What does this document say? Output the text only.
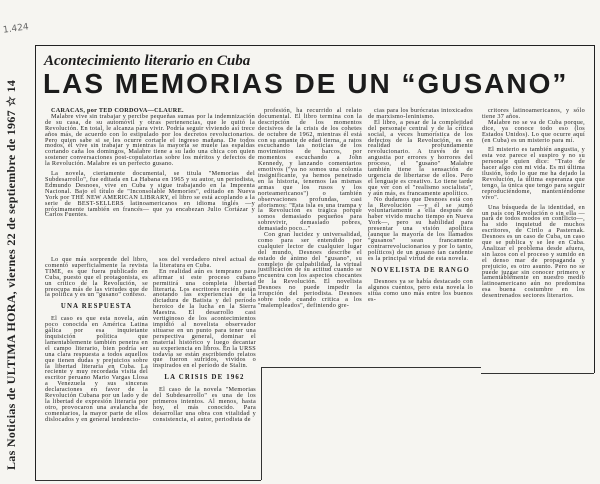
1.424
Las Noticias de ULTIMA HORA, viernes 22 de septiembre de 1967 ☆ 14
Acontecimiento literario en Cuba
LAS MEMORIAS DE UN “GUSANO”

CARACAS, por TED CORDOVA—CLAURE.

Malabre vive sin trabajar y percibe pequeñas sumas por la indemnización de su casa, de su automóvil y otras pertenencias, que le quitó la Revolución. En total, le alcanza para vivir. Podría seguir viviendo así trece años más, de acuerdo con lo estipulado por los decretos revolucionarios. Pero quien sabe si se les ocurre cortarle el ingreso mañana. De todos modos, él vive sin trabajar y mientras la mayoría se muele las espaldas cortando caña los domingos, Malabre tiene a su lado una chica con quien sostener conversaciones post-copulatorias sobre los méritos y defectos de la Revolución. Malabre es un perfecto gusano.

La novela, ciertamente documental, se titula "Memorias del Subdesarrollo", fue editada en La Habana en 1965 y su autor, un periodista, Edmundo Desnoes, vive en Cuba y sigue trabajando en la Imprenta Nacional. Bajo el título de "Inconsolable Memories", editado en Nueva York por THE NEW AMERICAN LIBRARY, el libro se está acoplando a la serie de BEST-SELLERS latinoamericanos en idioma inglés —y próximamente también en francés— que ya encabezan Julio Cortázar y Carlos Fuentes.

Lo que más sorprende del libro, comentó superficialmente la revista TIME, es que fuera publicado en Cuba, puesto que el protagonista, es un crítico de la Revolución, se preocupa más de las virtudes que de la política y es un "gusano" confeso.

UNA RESPUESTA

El caso es que esta novela, aún poco conocida en América Latina gálica por esa inquietante inquisición política que lamentablemente también penetra en el campo literario, bien podría ser una clara respuesta a todos aquellos que tienen dudas y prejuicios sobre la libertad literaria en Cuba. La reciente y muy recordada visita del escritor peruano Mario Vargas Llosa a Venezuela y sus sinceras declaraciones en favor de la Revolución Cubana por un lado y de la libertad de expresión literaria por otro, provocaron una avalancha de comentarios, la mayor parte de ellos dislocados y en general tendencio-

sos del verdadero nivel actual de la literatura en Cuba.

En realidad aún es temprano para afirmar si este proceso cubano permitirá una completa libertad literaria. Los escritores recién están anotando las experiencias de la dictadura de Batista y del período heroico de la lucha en la Sierra Maestra. El desarrollo casi vertiginoso de los acontecimientos impidió al novelista observador situarse en un punto para tener una perspectiva general, dominar el material histórico y luego decantar su experiencia en libros. En la URSS todavía se están escribiendo relatos que fueron sufridos, vividos o inspirados en el período de Stalin.

LA CRISIS DE 1962

El caso de la novela "Memorias del Subdesarrollo" es una de los primeros intentos. Al menos, hasta hoy, el más conocido. Para desarrollar una obra con vitalidad y consistencia, el autor, periodista de

profesión, ha recurrido al relato documental. El libro termina con la descripción de los momentos decisivos de la crisis de los cohetes de octubre de 1962, mientras él está con su amante de edad tierna, a ratos escuchando las noticias de los movimientos de barcos, por momentos escuchando a John Kennedy, y lanzando comentarios emotivos ("ya no somos una colonia insignificante, ya hemos penetrado en la historia, tenemos las mismas armas que los rusos y los norteamericanos") o también observaciones profundas, casi aforismos: "Esta isla es una trampa y la Revolución es trágica porque somos demasiado pequeños para sobrevivir, demasiado pobres, demasiado poco..."

Con gran lucidez y universalidad, como para ser entendido por cualquier lector de cualquier lugar del mundo, Desnoes describe el estado de ánimo del "gusano", su complejo de culpabilidad, la virtual justificación de su actitud cuando se encuentra con los aspectos chocantes de la Revolución. El novelista Desnoes no puede impedir la irrupción del periodista. Desnoes sobre todo cuando critica a los "malempleados", definiendo gre-

cias para los burócratas intoxicados de marxismo-leninismo.

El libro, a pesar de la complejidad del personaje central y de la crítica social, a veces humorística de los defectos de la Revolución, es en realidad profundamente revolucionario. A través de su angustia por errores y horrores del proceso, el "gusano" Malabre también tiene la sensación de urgencia de libertarse de ellos. Pero el lenguaje es creativo. Lo tiene tarde que ver con el "realismo socialista", y aún más, es francamente apolítico.

No dudamos que Desnoes está con la Revolución —y él se sumó voluntariamente a ella después de haber vivido mucho tiempo en Nueva York—, pero su habilidad para presentar una visión apolítica (aunque la mayoría de los llamados "gusanos" sean francamente contrarrevolucionarios y por lo tanto, políticos) de un gusano tan candente es la principal virtud de esta novela.

NOVELISTA DE RANGO

Desnoes ya se había destacado con algunos cuentos, pero esta novela lo sitúa como uno más entre los buenos es-

critores latinoamericanos, y sólo tiene 37 años.

Malabre no se va de Cuba porque, dice, ya conoce todo eso (los Estados Unidos). Lo que ocurre aquí (en Cuba) es un misterio para mí.

El misterio es también angustia, y esta voz parece el suspiro y no su personaje quien dice: "Trato de hacer algo con mi vida. Es mi última ilusión, todo lo que me ha dejado la Revolución, la última esperanza que tengo, la única que tengo para seguir reproduciéndome, manteniéndome vivo".

Una búsqueda de la identidad, en un país con Revolución o sin ella —para de todos modos en conflicto—, ha sido inquietud de muchos escritores, de Cirilo a Pasternak. Desnoes es un caso de Cuba, un caso que se publica y se lee en Cuba. Analizar el problema desde afuera, sin lazos con el proceso y sumido en el denso mar de propaganda y prejuicio, es otro asunto. Pero no se puede juzgar sin conocer primero y lamentablemente en nuestro medio latinoamericano aún no predomina esa buena costumbre en los desentrenados sectores literarios.
